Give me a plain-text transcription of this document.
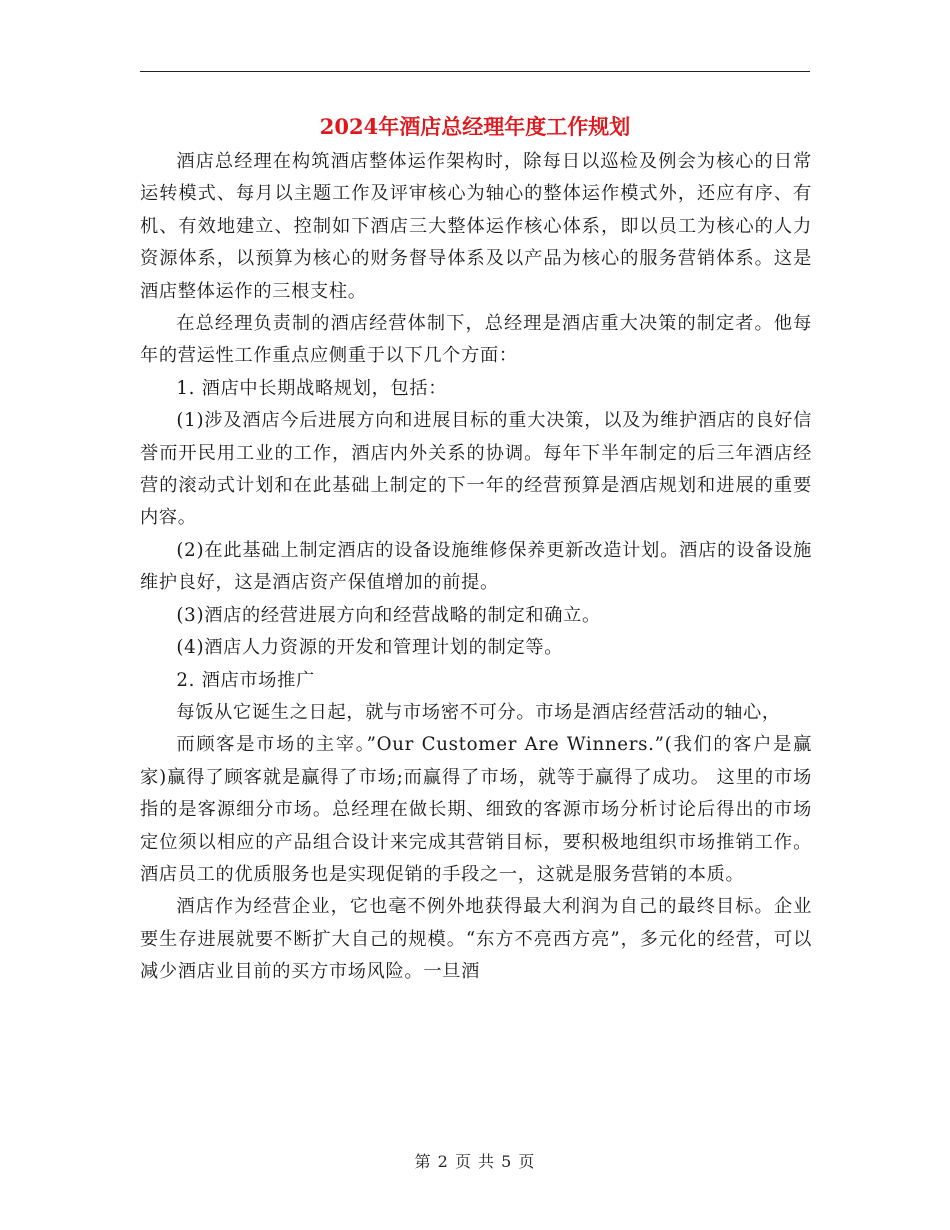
2024年酒店总经理年度工作规划

酒店总经理在构筑酒店整体运作架构时，除每日以巡检及例会为核心的日常运转模式、每月以主题工作及评审核心为轴心的整体运作模式外，还应有序、有机、有效地建立、控制如下酒店三大整体运作核心体系，即以员工为核心的人力资源体系，以预算为核心的财务督导体系及以产品为核心的服务营销体系。这是酒店整体运作的三根支柱。

在总经理负责制的酒店经营体制下，总经理是酒店重大决策的制定者。他每年的营运性工作重点应侧重于以下几个方面：

1. 酒店中长期战略规划，包括：

(1)涉及酒店今后进展方向和进展目标的重大决策，以及为维护酒店的良好信誉而开民用工业的工作，酒店内外关系的协调。每年下半年制定的后三年酒店经营的滚动式计划和在此基础上制定的下一年的经营预算是酒店规划和进展的重要内容。

(2)在此基础上制定酒店的设备设施维修保养更新改造计划。酒店的设备设施维护良好，这是酒店资产保值增加的前提。

(3)酒店的经营进展方向和经营战略的制定和确立。

(4)酒店人力资源的开发和管理计划的制定等。

2. 酒店市场推广

每饭从它诞生之日起，就与市场密不可分。市场是酒店经营活动的轴心，

而顾客是市场的主宰。”Our Customer Are Winners.”(我们的客户是赢家)赢得了顾客就是赢得了市场;而赢得了市场，就等于赢得了成功。 这里的市场指的是客源细分市场。总经理在做长期、细致的客源市场分析讨论后得出的市场定位须以相应的产品组合设计来完成其营销目标，要积极地组织市场推销工作。酒店员工的优质服务也是实现促销的手段之一，这就是服务营销的本质。

酒店作为经营企业，它也毫不例外地获得最大利润为自己的最终目标。企业要生存进展就要不断扩大自己的规模。“东方不亮西方亮”，多元化的经营，可以减少酒店业目前的买方市场风险。一旦酒

第 2 页 共 5 页
